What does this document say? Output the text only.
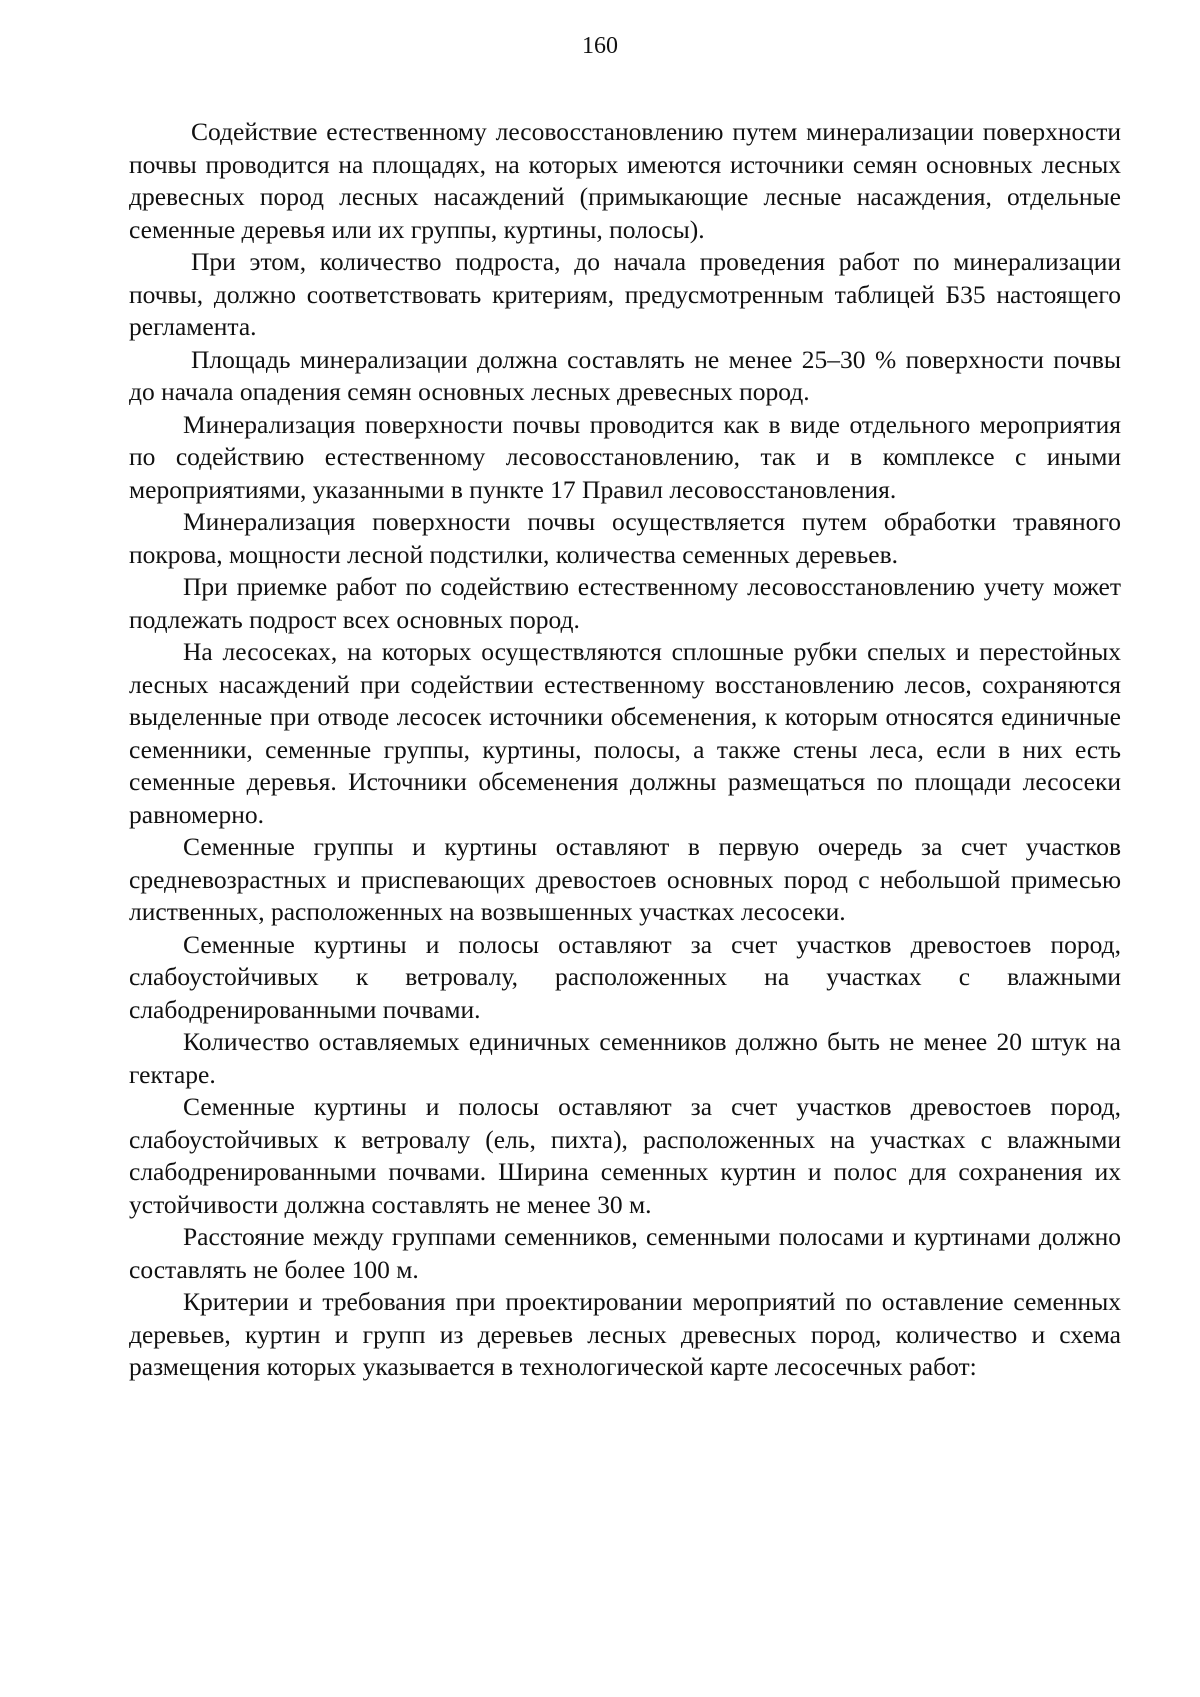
160

Содействие естественному лесовосстановлению путем минерализации поверхности почвы проводится на площадях, на которых имеются источники семян основных лесных древесных пород лесных насаждений (примыкающие лесные насаждения, отдельные семенные деревья или их группы, куртины, полосы).

При этом, количество подроста, до начала проведения работ по минерализации почвы, должно соответствовать критериям, предусмотренным таблицей Б35 настоящего регламента.

Площадь минерализации должна составлять не менее 25–30 % поверхности почвы до начала опадения семян основных лесных древесных пород.

Минерализация поверхности почвы проводится как в виде отдельного мероприятия по содействию естественному лесовосстановлению, так и в комплексе с иными мероприятиями, указанными в пункте 17 Правил лесовосстановления.

Минерализация поверхности почвы осуществляется путем обработки травяного покрова, мощности лесной подстилки, количества семенных деревьев.

При приемке работ по содействию естественному лесовосстановлению учету может подлежать подрост всех основных пород.

На лесосеках, на которых осуществляются сплошные рубки спелых и перестойных лесных насаждений при содействии естественному восстановлению лесов, сохраняются выделенные при отводе лесосек источники обсеменения, к которым относятся единичные семенники, семенные группы, куртины, полосы, а также стены леса, если в них есть семенные деревья. Источники обсеменения должны размещаться по площади лесосеки равномерно.

Семенные группы и куртины оставляют в первую очередь за счет участков средневозрастных и приспевающих древостоев основных пород с небольшой примесью лиственных, расположенных на возвышенных участках лесосеки.

Семенные куртины и полосы оставляют за счет участков древостоев пород, слабоустойчивых к ветровалу, расположенных на участках с влажными слабодренированными почвами.

Количество оставляемых единичных семенников должно быть не менее 20 штук на гектаре.

Семенные куртины и полосы оставляют за счет участков древостоев пород, слабоустойчивых к ветровалу (ель, пихта), расположенных на участках с влажными слабодренированными почвами. Ширина семенных куртин и полос для сохранения их устойчивости должна составлять не менее 30 м.

Расстояние между группами семенников, семенными полосами и куртинами должно составлять не более 100 м.

Критерии и требования при проектировании мероприятий по оставление семенных деревьев, куртин и групп из деревьев лесных древесных пород, количество и схема размещения которых указывается в технологической карте лесосечных работ:
